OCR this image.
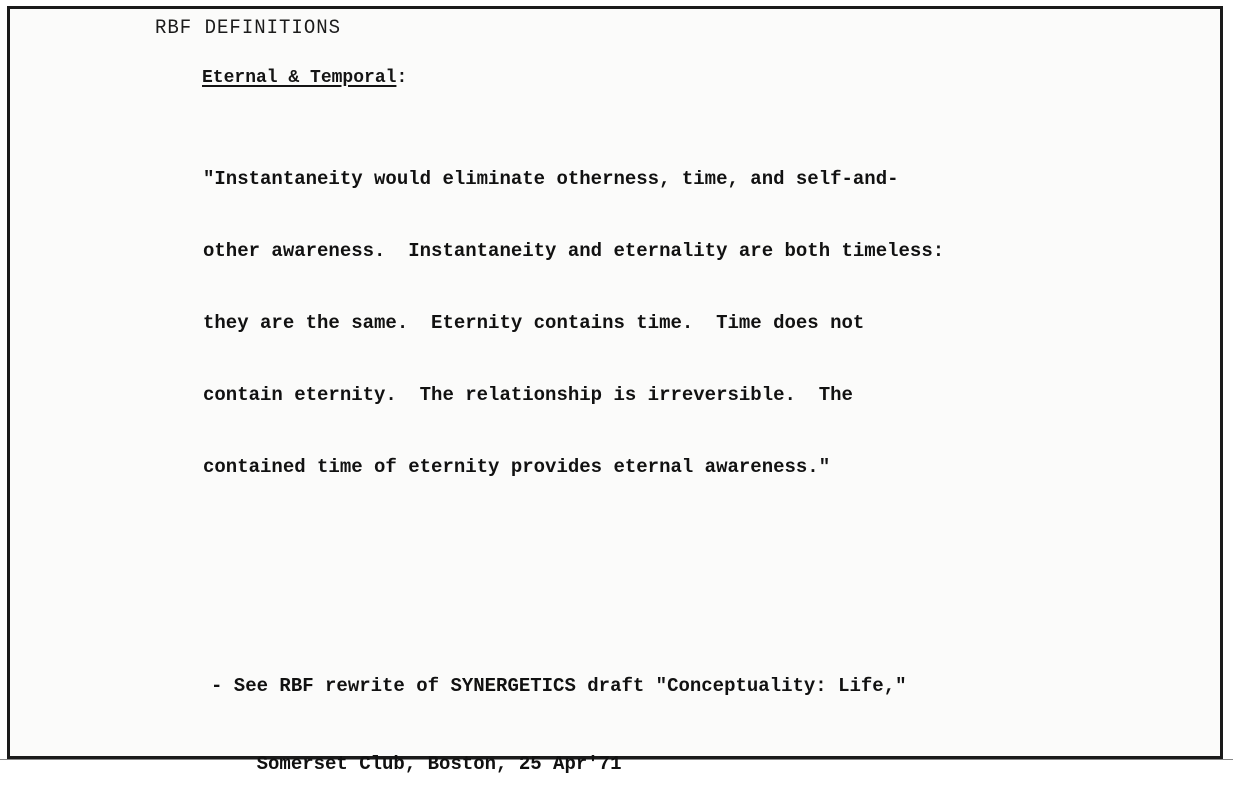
RBF DEFINITIONS
Eternal & Temporal:

"Instantaneity would eliminate otherness, time, and self-and-

other awareness.  Instantaneity and eternality are both timeless:

they are the same.  Eternity contains time.  Time does not

contain eternity.  The relationship is irreversible.  The

contained time of eternity provides eternal awareness."

- See RBF rewrite of SYNERGETICS draft "Conceptuality: Life,"

Somerset Club, Boston, 25 Apr'71
